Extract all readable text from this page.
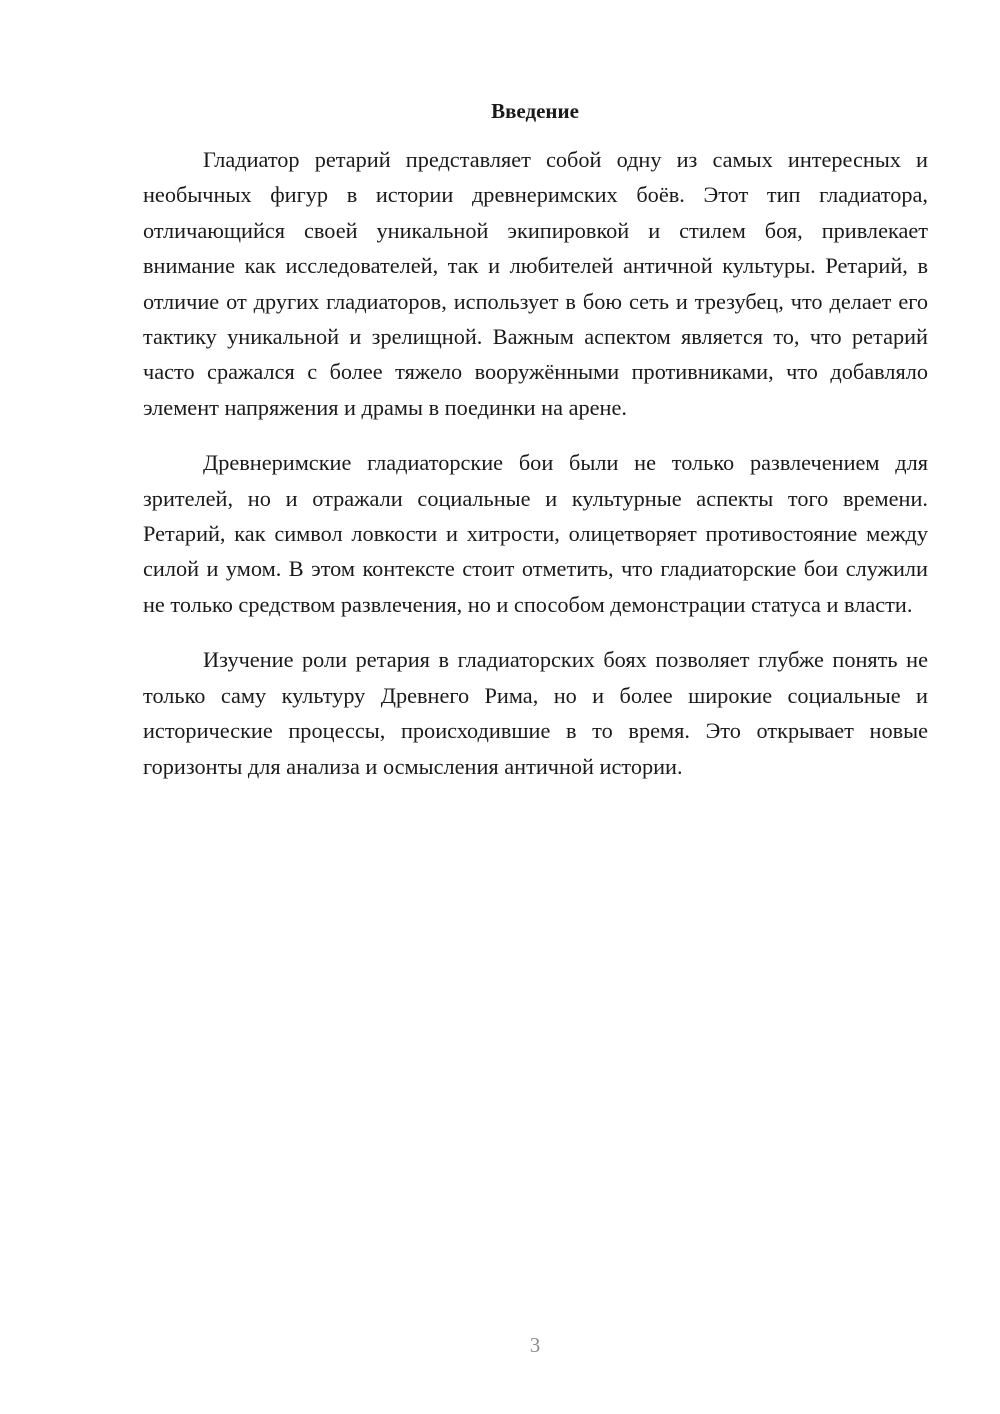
Введение

Гладиатор ретарий представляет собой одну из самых интересных и необычных фигур в истории древнеримских боёв. Этот тип гладиатора, отличающийся своей уникальной экипировкой и стилем боя, привлекает внимание как исследователей, так и любителей античной культуры. Ретарий, в отличие от других гладиаторов, использует в бою сеть и трезубец, что делает его тактику уникальной и зрелищной. Важным аспектом является то, что ретарий часто сражался с более тяжело вооружёнными противниками, что добавляло элемент напряжения и драмы в поединки на арене.

Древнеримские гладиаторские бои были не только развлечением для зрителей, но и отражали социальные и культурные аспекты того времени. Ретарий, как символ ловкости и хитрости, олицетворяет противостояние между силой и умом. В этом контексте стоит отметить, что гладиаторские бои служили не только средством развлечения, но и способом демонстрации статуса и власти.

Изучение роли ретария в гладиаторских боях позволяет глубже понять не только саму культуру Древнего Рима, но и более широкие социальные и исторические процессы, происходившие в то время. Это открывает новые горизонты для анализа и осмысления античной истории.

3
